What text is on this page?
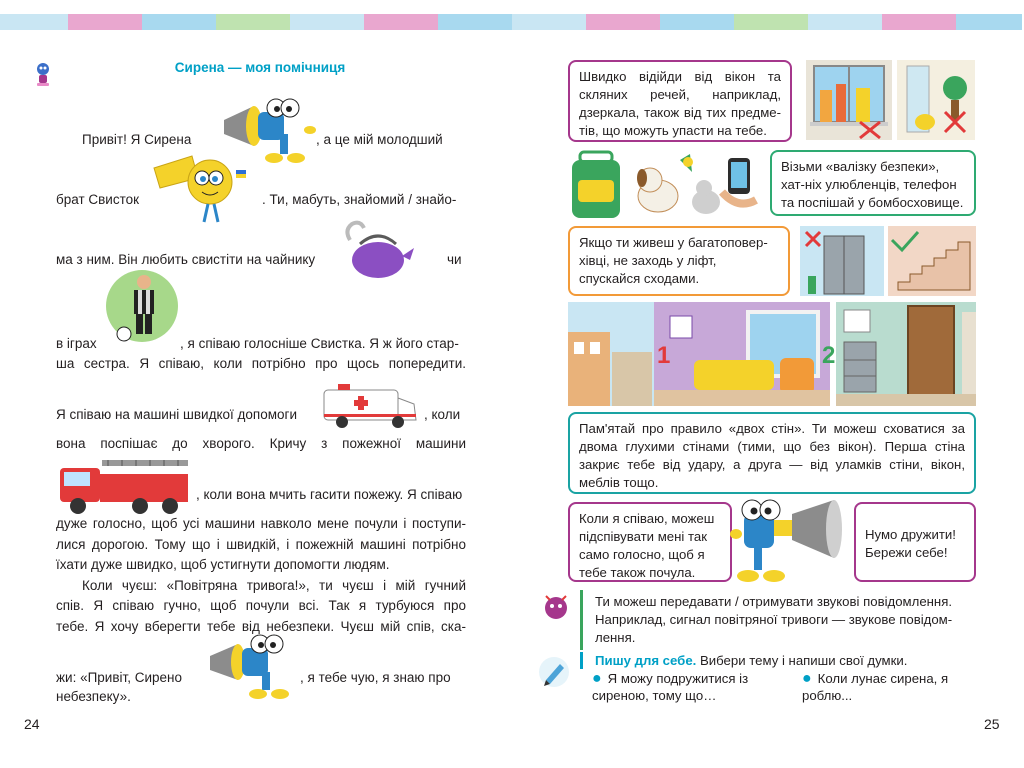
Сирена — моя помічниця
Привіт! Я Сирена	, а це мій молодший
брат Свисток	. Ти, мабуть, знайомий / знайо-
ма з ним. Він любить свистіти на чайнику	чи
в іграх	, я співаю голосніше Свистка. Я ж його стар-
ша сестра. Я співаю, коли потрібно про щось попередити.
Я співаю на машині швидкої допомоги	, коли
вона поспішає до хворого. Кричу з пожежної машини
, коли вона мчить гасити пожежу. Я співаю
дуже голосно, щоб усі машини навколо мене почули і поступи-
лися дорогою. Тому що і швидкій, і пожежній машині потрібно
їхати дуже швидко, щоб устигнути допомогти людям.
Коли чуєш: «Повітряна тривога!», ти чуєш і мій гучний
спів. Я співаю гучно, щоб почули всі. Так я турбуюся про
тебе. Я хочу вберегти тебе від небезпеки. Чуєш мій спів, ска-
жи: «Привіт, Сирено	, я тебе чую, я знаю про
небезпеку».
24
Швидко відійди від вікон та скляних речей, наприклад, дзеркала, також від тих предме-тів, що можуть упасти на тебе.
Візьми «валізку безпеки», хат-ніх улюбленців, телефон та поспішай у бомбосховище.
Якщо ти живеш у багатоповер-хівці, не заходь у ліфт, спускайся сходами.
1	2
Пам'ятай про правило «двох стін». Ти можеш сховатися за двома глухими стінами (тими, що без вікон). Перша стіна закриє тебе від удару, а друга — від уламків стіни, вікон, меблів тощо.
Коли я співаю, можеш підспівувати мені так само голосно, щоб я тебе також почула.
Нумо дружити! Бережи себе!
Ти можеш передавати / отримувати звукові повідомлення. Наприклад, сигнал повітряної тривоги — звукове повідом-лення.
Пишу для себе. Вибери тему і напиши свої думки.
● Я можу подружитися із сиреною, тому що…
● Коли лунає сирена, я роблю...
25
